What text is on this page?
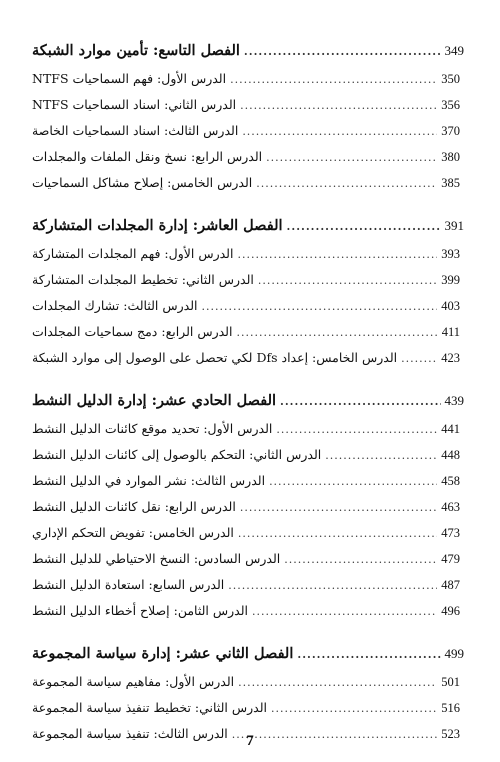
الفصل التاسع: تأمين موارد الشبكة .....	349
الدرس الأول: فهم السماحيات NTFS .....	350
الدرس الثاني: اسناد السماحيات NTFS .....	356
الدرس الثالث: اسناد السماحيات الخاصة .....	370
الدرس الرابع: نسخ ونقل الملفات والمجلدات .....	380
الدرس الخامس: إصلاح مشاكل السماحيات .....	385
الفصل العاشر: إدارة المجلدات المتشاركة .....	391
الدرس الأول: فهم المجلدات المتشاركة .....	393
الدرس الثاني: تخطيط المجلدات المتشاركة .....	399
الدرس الثالث: تشارك المجلدات .....	403
الدرس الرابع: دمج سماحيات المجلدات .....	411
الدرس الخامس: إعداد Dfs لكي تحصل على الوصول إلى موارد الشبكة .....	423
الفصل الحادي عشر: إدارة الدليل النشط .....	439
الدرس الأول: تحديد موقع كائنات الدليل النشط .....	441
الدرس الثاني: التحكم بالوصول إلى كائنات الدليل النشط .....	448
الدرس الثالث: نشر الموارد في الدليل النشط .....	458
الدرس الرابع: نقل كائنات الدليل النشط .....	463
الدرس الخامس: تفويض التحكم الإداري .....	473
الدرس السادس: النسخ الاحتياطي للدليل النشط .....	479
الدرس السابع: استعادة الدليل النشط .....	487
الدرس الثامن: إصلاح أخطاء الدليل النشط .....	496
الفصل الثاني عشر: إدارة سياسة المجموعة .....	499
الدرس الأول: مفاهيم سياسة المجموعة .....	501
الدرس الثاني: تخطيط تنفيذ سياسة المجموعة .....	516
الدرس الثالث: تنفيذ سياسة المجموعة .....	523
7
